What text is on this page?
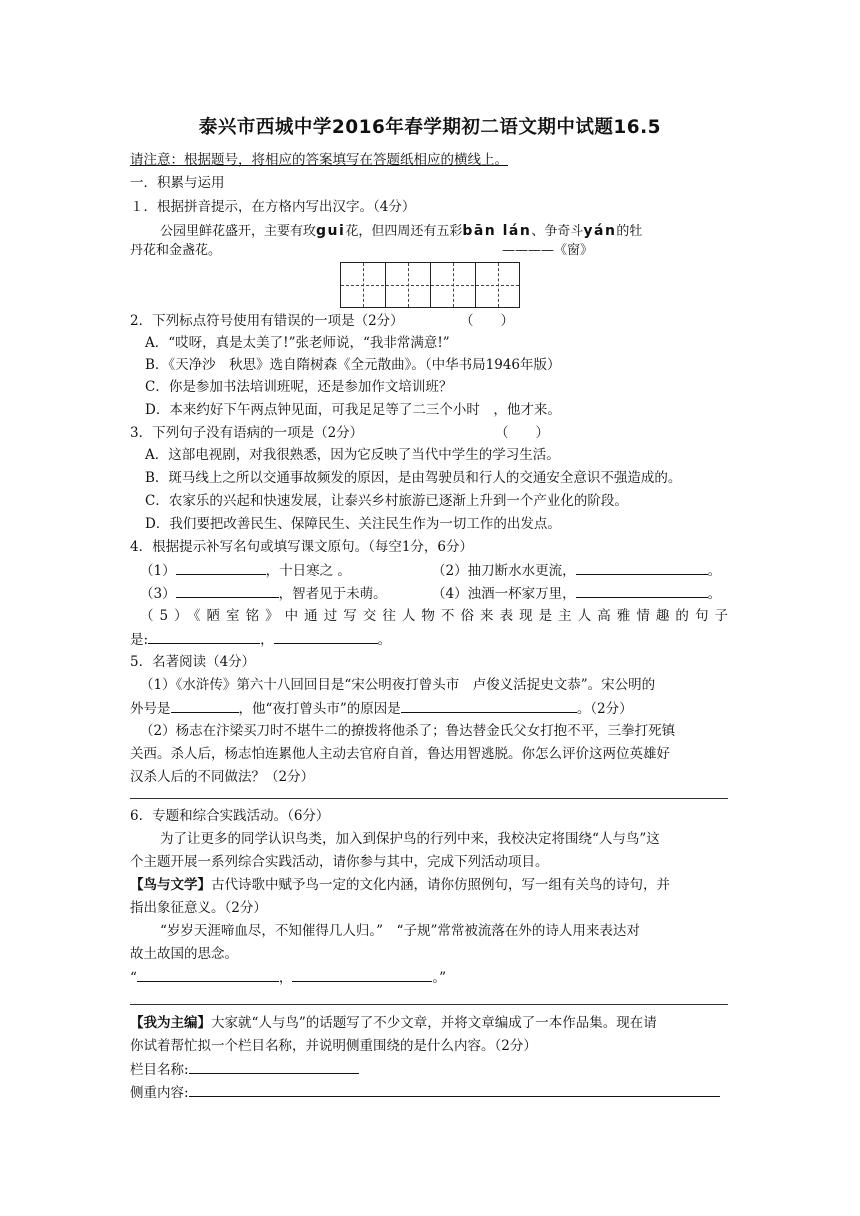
泰兴市西城中学2016年春学期初二语文期中试题16.5
请注意：根据题号，将相应的答案填写在答题纸相应的横线上。
一．积累与运用
１．根据拼音提示，在方格内写出汉字。（4分）
公园里鲜花盛开，主要有玫gui花，但四周还有五彩bān lán、争奇斗yán的牡
丹花和金盏花。	————《窗》
2．下列标点符号使用有错误的一项是（2分）	（　　）
A．“哎呀，真是太美了!”张老师说，“我非常满意!”
B．《天净沙　秋思》选自隋树森《全元散曲》。（中华书局1946年版）
C．你是参加书法培训班呢，还是参加作文培训班？
D．本来约好下午两点钟见面，可我足足等了二三个小时　，他才来。
3．下列句子没有语病的一项是（2分）	（　　）
A．这部电视剧，对我很熟悉，因为它反映了当代中学生的学习生活。
B．斑马线上之所以交通事故频发的原因，是由驾驶员和行人的交通安全意识不强造成的。
C．农家乐的兴起和快速发展，让泰兴乡村旅游已逐渐上升到一个产业化的阶段。
D．我们要把改善民生、保障民生、关注民生作为一切工作的出发点。
4．根据提示补写名句或填写课文原句。（每空1分，6分）
（1）	，十日寒之 。	（2）抽刀断水水更流，	。
（3）	，智者见于未萌。	（4）浊酒一杯家万里，	。
（5）《陋室铭》中通过写交往人物不俗来表现是主人高雅情趣的句子
是:	，	。
5．名著阅读（4分）
（1）《水浒传》第六十八回回目是“宋公明夜打曾头市　卢俊义活捉史文恭”。宋公明的
外号是	，他“夜打曾头市”的原因是	。（2分）
（2）杨志在汴梁买刀时不堪牛二的撩拨将他杀了；鲁达替金氏父女打抱不平，三拳打死镇
关西。杀人后，杨志怕连累他人主动去官府自首，鲁达用智逃脱。你怎么评价这两位英雄好
汉杀人后的不同做法？（2分）
6．专题和综合实践活动。（6分）
为了让更多的同学认识鸟类，加入到保护鸟的行列中来，我校决定将围绕“人与鸟”这
个主题开展一系列综合实践活动，请你参与其中，完成下列活动项目。
【鸟与文学】古代诗歌中赋予鸟一定的文化内涵，请你仿照例句，写一组有关鸟的诗句，并
指出象征意义。（2分）
“岁岁天涯啼血尽，不知催得几人归。”　“子规”常常被流落在外的诗人用来表达对
故土故国的思念。
“	，	。”
【我为主编】大家就“人与鸟”的话题写了不少文章，并将文章编成了一本作品集。现在请
你试着帮忙拟一个栏目名称，并说明侧重围绕的是什么内容。（2分）
栏目名称:
侧重内容:
